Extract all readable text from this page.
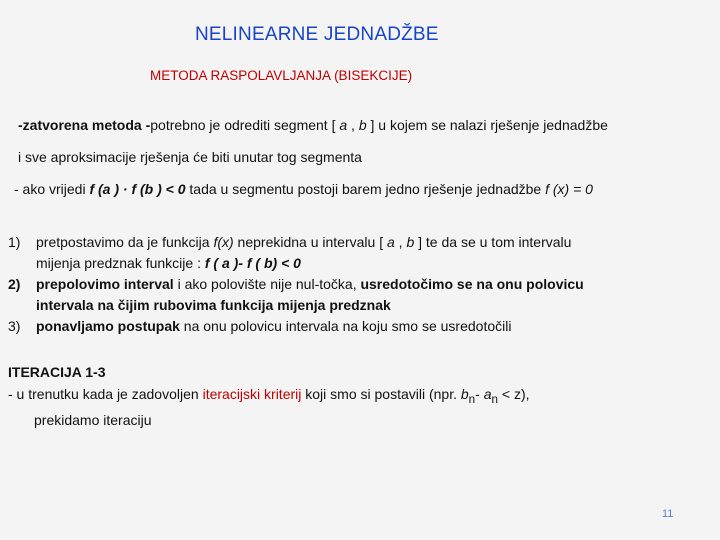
NELINEARNE JEDNADŽBE
METODA RASPOLAVLJANJA (BISEKCIJE)
-zatvorena metoda -potrebno je odrediti segment [ a , b ] u kojem se nalazi rješenje jednadžbe
i sve aproksimacije rješenja će biti unutar tog segmenta
- ako vrijedi f (a ) · f (b ) < 0 tada u segmentu postoji barem jedno rješenje jednadžbe f (x) = 0
1) pretpostavimo da je funkcija f(x) neprekidna u intervalu [ a , b ] te da se u tom intervalu
mijenja predznak funkcije : f ( a )- f ( b) < 0
2) prepolovimo interval i ako polovište nije nul-točka, usredotočimo se na onu polovicu
intervala na čijim rubovima funkcija mijenja predznak
3) ponavljamo postupak na onu polovicu intervala na koju smo se usredotočili
ITERACIJA 1-3
- u trenutku kada je zadovoljen iteracijski kriterij koji smo si postavili (npr. $b_n-$ $a_n < z$),
prekidamo iteraciju
11
